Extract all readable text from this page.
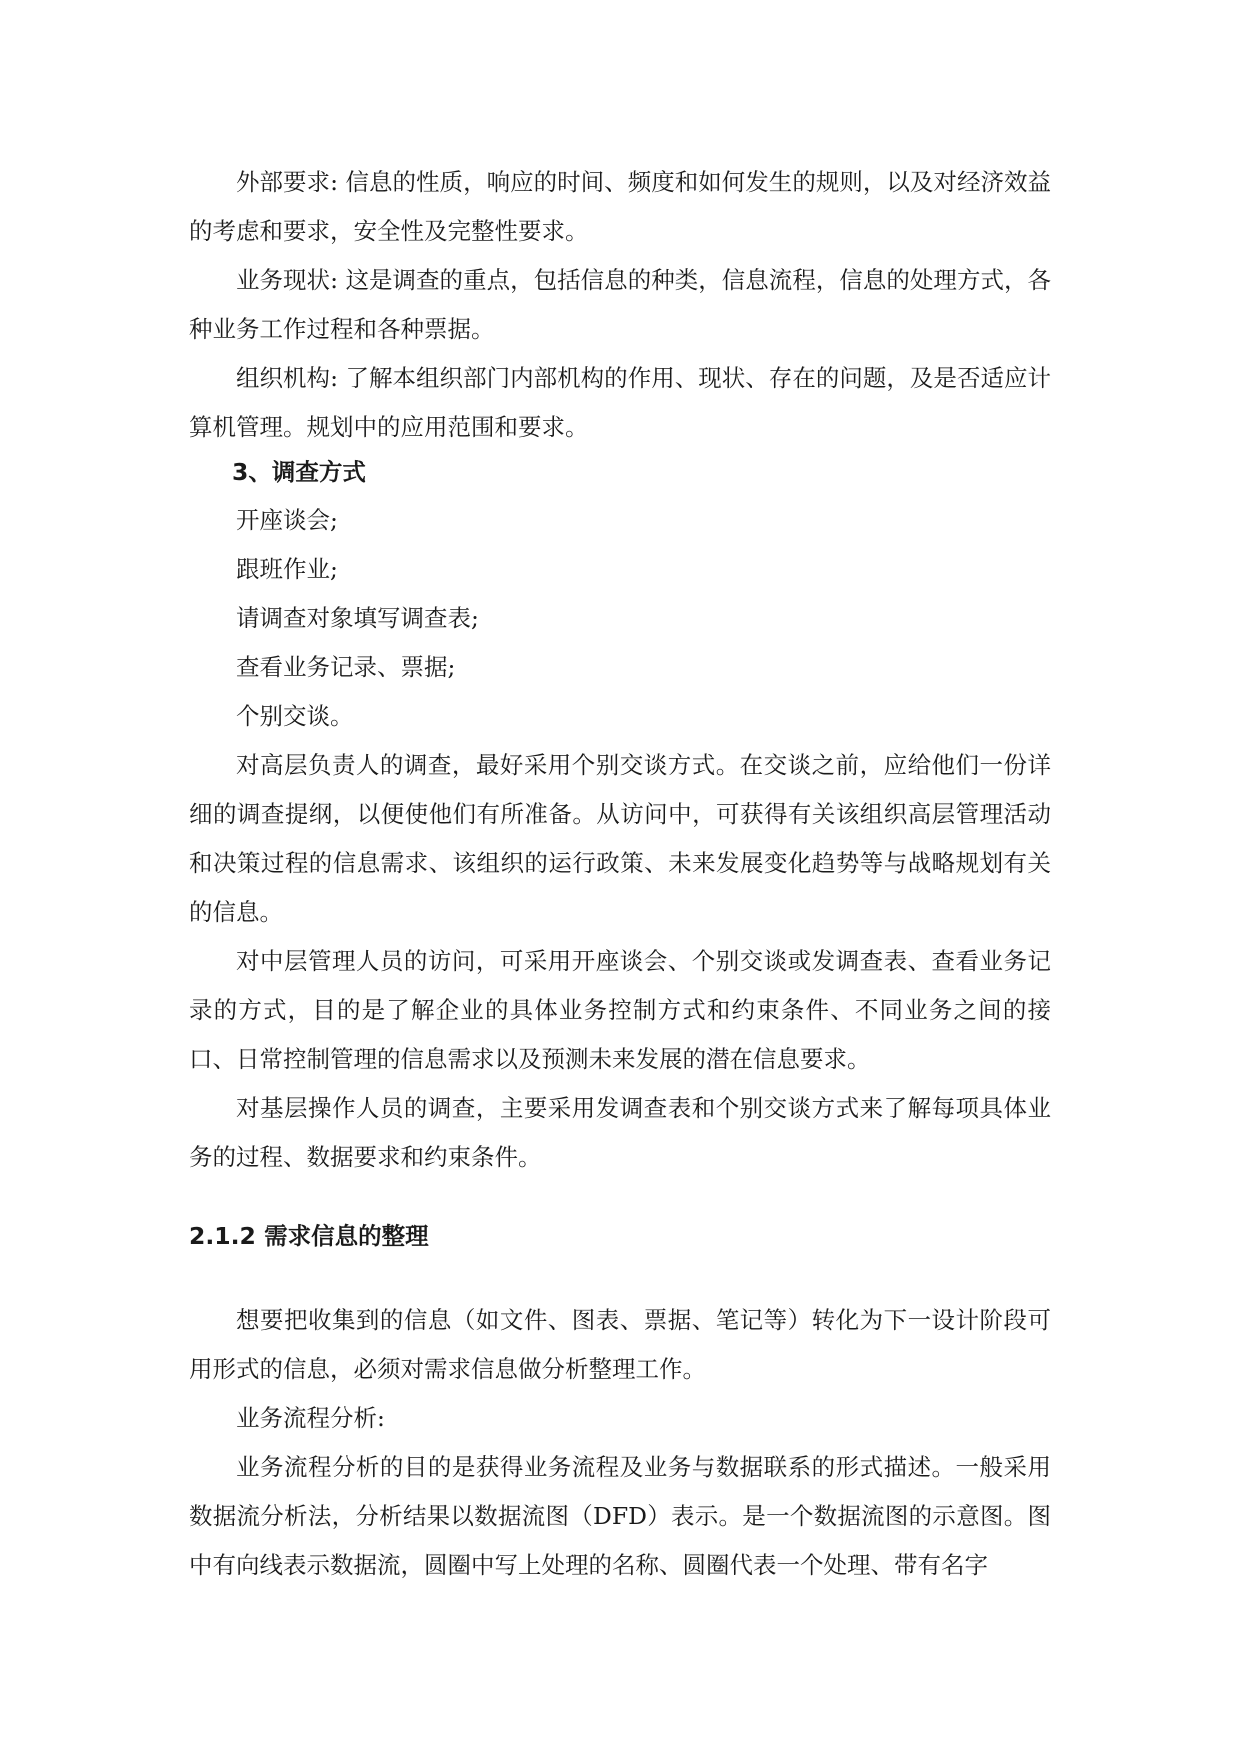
外部要求: 信息的性质，响应的时间、频度和如何发生的规则，以及对经济效益的考虑和要求，安全性及完整性要求。

业务现状: 这是调查的重点，包括信息的种类，信息流程，信息的处理方式，各种业务工作过程和各种票据。

组织机构: 了解本组织部门内部机构的作用、现状、存在的问题，及是否适应计算机管理。规划中的应用范围和要求。

3、调查方式

开座谈会;

跟班作业;

请调查对象填写调查表;

查看业务记录、票据;

个别交谈。

对高层负责人的调查，最好采用个别交谈方式。在交谈之前，应给他们一份详细的调查提纲，以便使他们有所准备。从访问中，可获得有关该组织高层管理活动和决策过程的信息需求、该组织的运行政策、未来发展变化趋势等与战略规划有关的信息。

对中层管理人员的访问，可采用开座谈会、个别交谈或发调查表、查看业务记录的方式，目的是了解企业的具体业务控制方式和约束条件、不同业务之间的接口、日常控制管理的信息需求以及预测未来发展的潜在信息要求。

对基层操作人员的调查，主要采用发调查表和个别交谈方式来了解每项具体业务的过程、数据要求和约束条件。

2.1.2 需求信息的整理

想要把收集到的信息（如文件、图表、票据、笔记等）转化为下一设计阶段可用形式的信息，必须对需求信息做分析整理工作。

业务流程分析:

业务流程分析的目的是获得业务流程及业务与数据联系的形式描述。一般采用数据流分析法，分析结果以数据流图（DFD）表示。是一个数据流图的示意图。图中有向线表示数据流，圆圈中写上处理的名称、圆圈代表一个处理、带有名字
